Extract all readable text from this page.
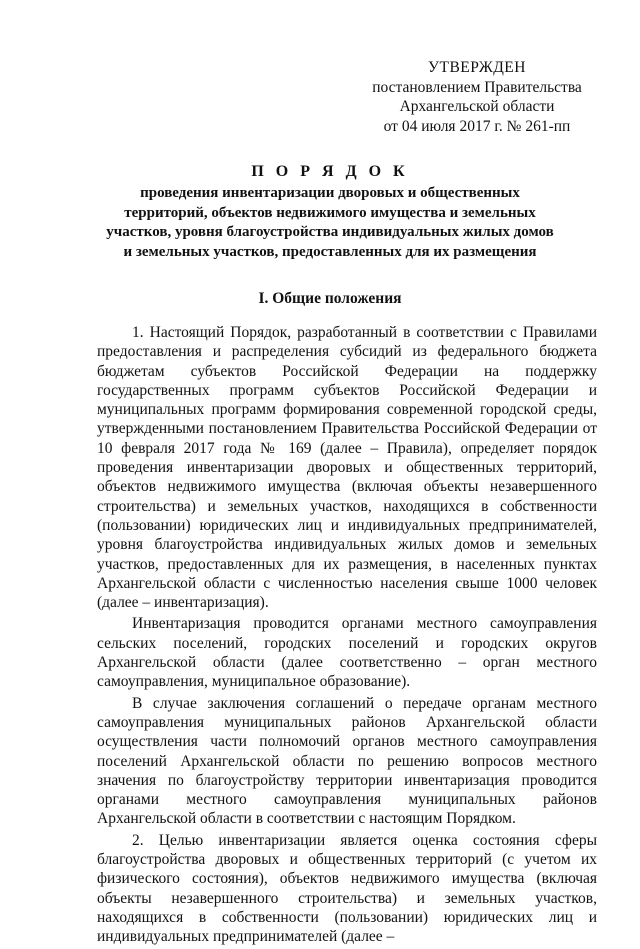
УТВЕРЖДЕН
постановлением Правительства
Архангельской области
от 04 июля 2017 г. № 261-пп
П О Р Я Д О К
проведения инвентаризации дворовых и общественных
территорий, объектов недвижимого имущества и земельных
участков, уровня благоустройства индивидуальных жилых домов
и земельных участков, предоставленных для их размещения
I. Общие положения

1. Настоящий Порядок, разработанный в соответствии с Правилами предоставления и распределения субсидий из федерального бюджета бюджетам субъектов Российской Федерации на поддержку государственных программ субъектов Российской Федерации и муниципальных программ формирования современной городской среды, утвержденными постановлением Правительства Российской Федерации от 10 февраля 2017 года № 169 (далее – Правила), определяет порядок проведения инвентаризации дворовых и общественных территорий, объектов недвижимого имущества (включая объекты незавершенного строительства) и земельных участков, находящихся в собственности (пользовании) юридических лиц и индивидуальных предпринимателей, уровня благоустройства индивидуальных жилых домов и земельных участков, предоставленных для их размещения, в населенных пунктах Архангельской области с численностью населения свыше 1000 человек (далее – инвентаризация).

Инвентаризация проводится органами местного самоуправления сельских поселений, городских поселений и городских округов Архангельской области (далее соответственно – орган местного самоуправления, муниципальное образование).

В случае заключения соглашений о передаче органам местного самоуправления муниципальных районов Архангельской области осуществления части полномочий органов местного самоуправления поселений Архангельской области по решению вопросов местного значения по благоустройству территории инвентаризация проводится органами местного самоуправления муниципальных районов Архангельской области в соответствии с настоящим Порядком.

2. Целью инвентаризации является оценка состояния сферы благоустройства дворовых и общественных территорий (с учетом их физического состояния), объектов недвижимого имущества (включая объекты незавершенного строительства) и земельных участков, находящихся в собственности (пользовании) юридических лиц и индивидуальных предпринимателей (далее –
